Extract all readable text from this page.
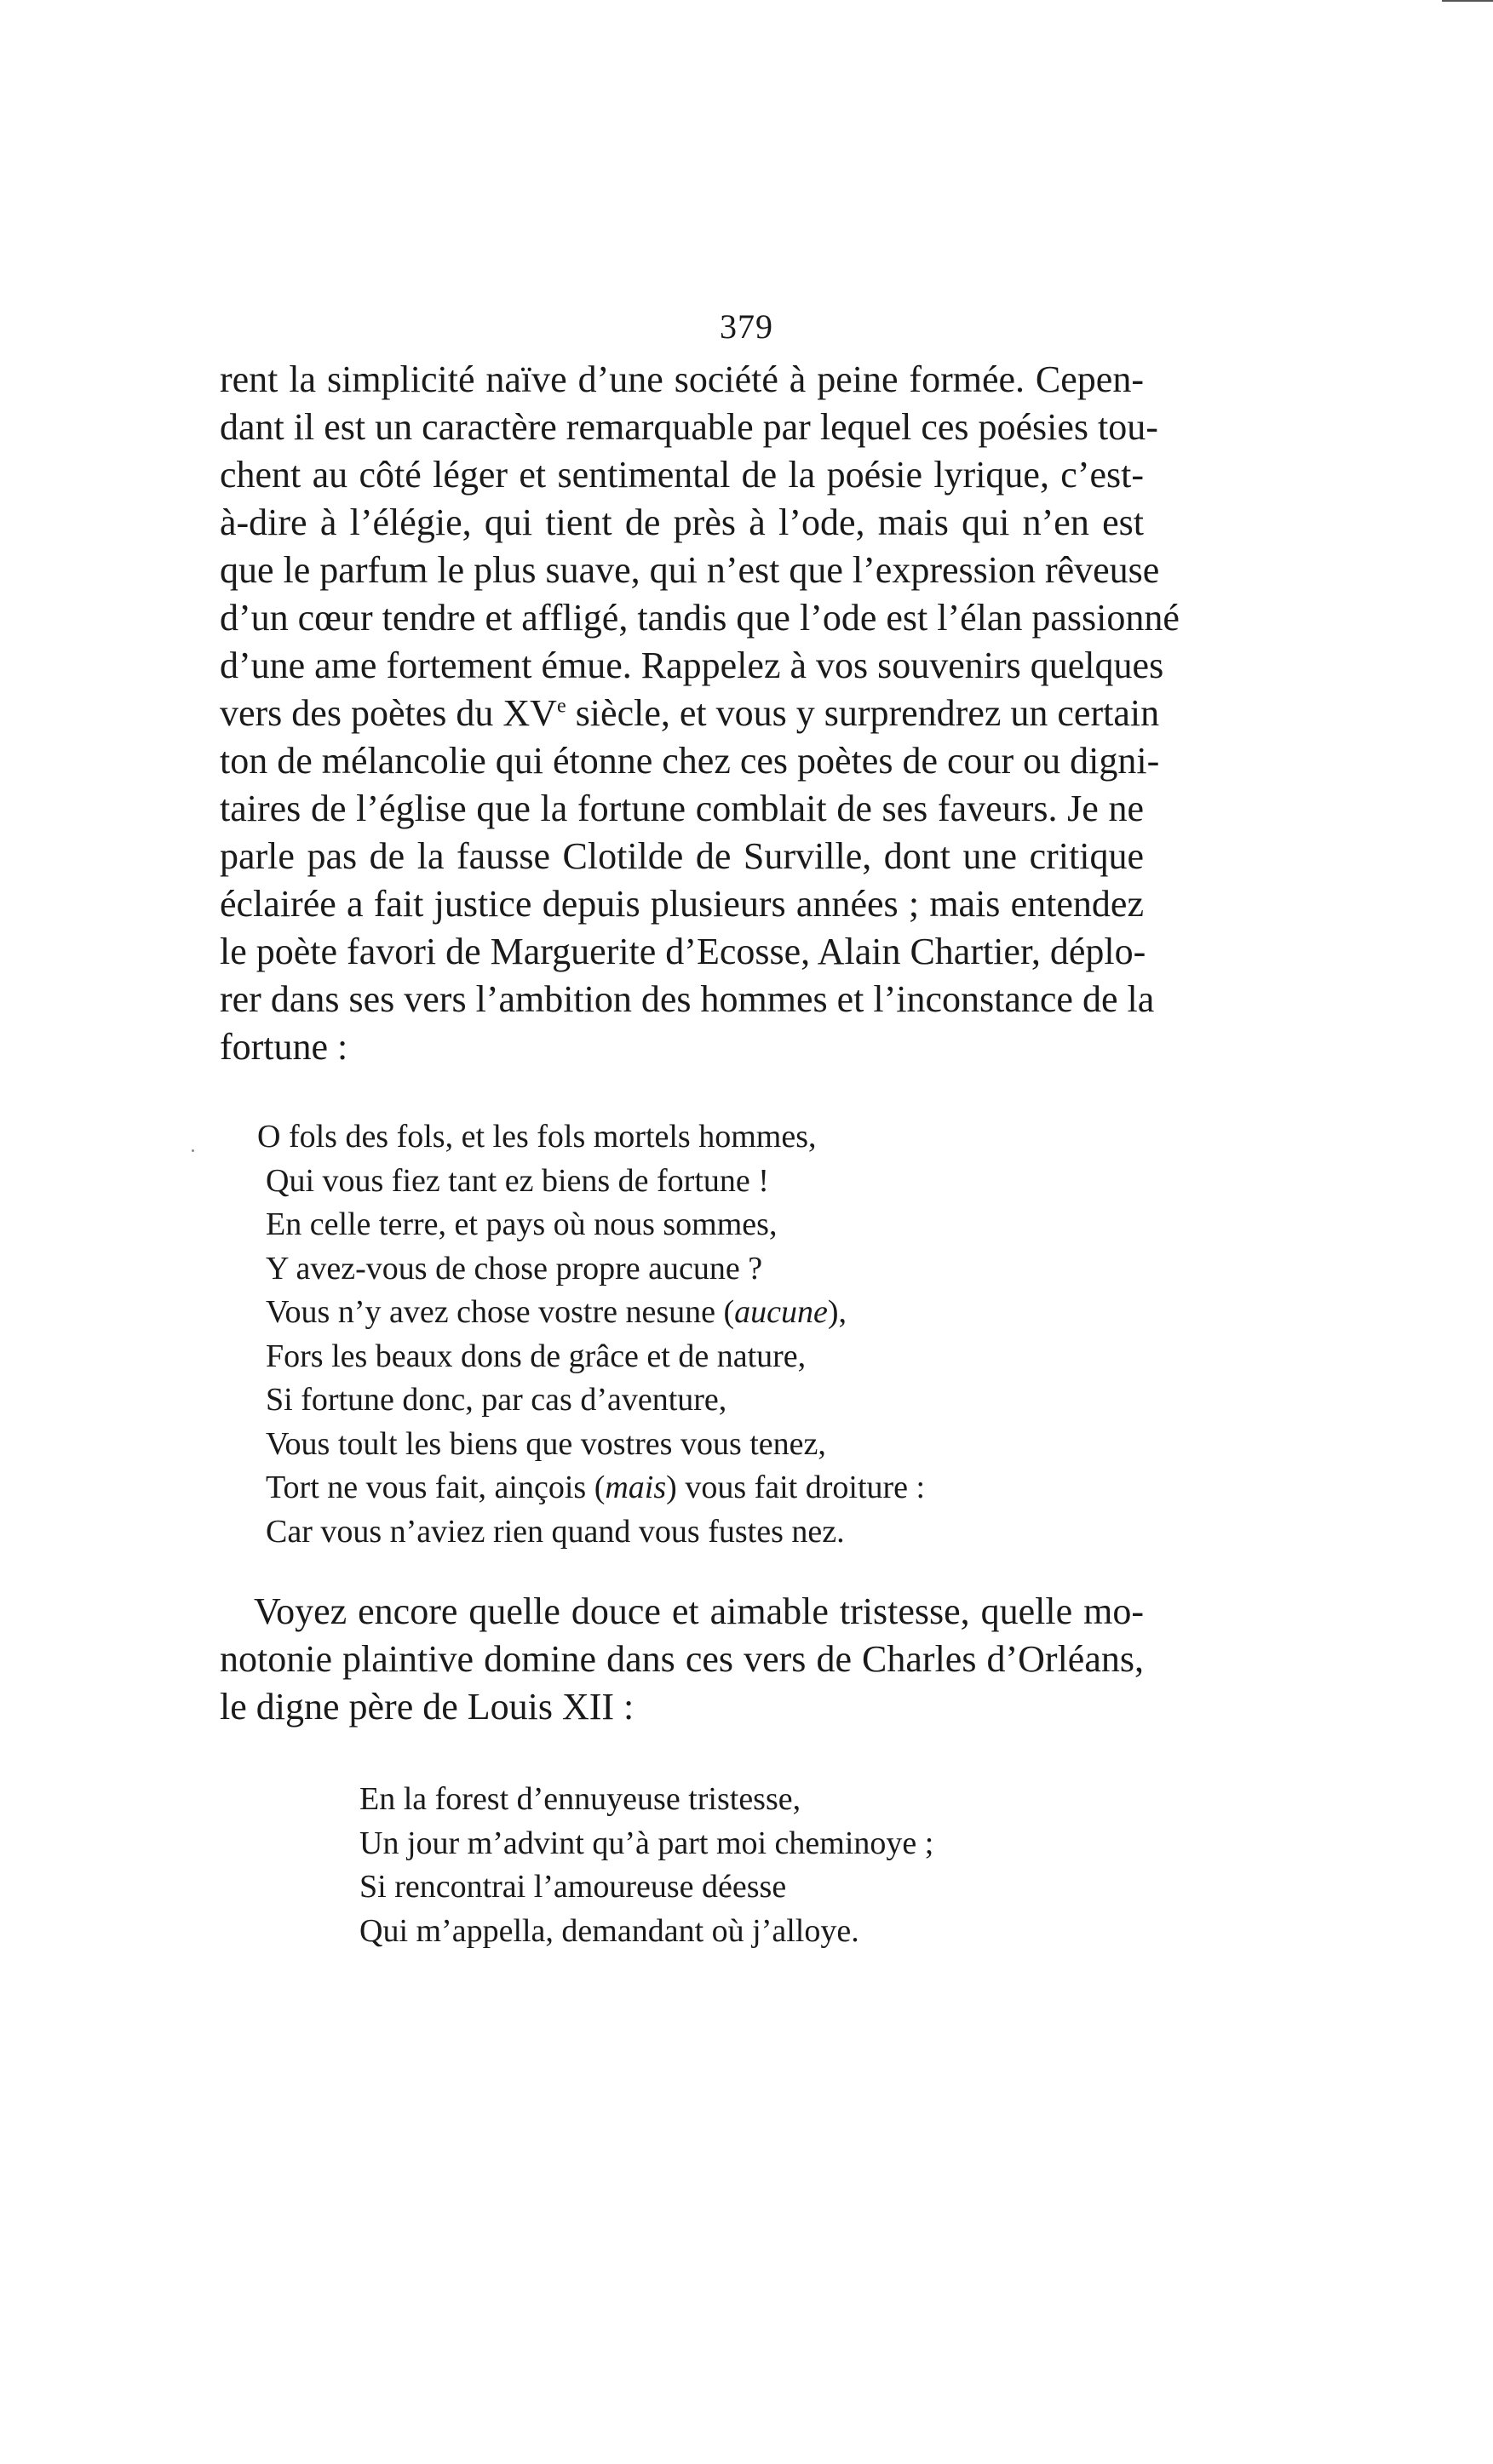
379

rent la simplicité naïve d’une société à peine formée. Cepen-
dant il est un caractère remarquable par lequel ces poésies tou-
chent au côté léger et sentimental de la poésie lyrique, c’est-
à-dire à l’élégie, qui tient de près à l’ode, mais qui n’en est
que le parfum le plus suave, qui n’est que l’expression rêveuse
d’un cœur tendre et affligé, tandis que l’ode est l’élan passionné
d’une ame fortement émue. Rappelez à vos souvenirs quelques
vers des poètes du XVe siècle, et vous y surprendrez un certain
ton de mélancolie qui étonne chez ces poètes de cour ou digni-
taires de l’église que la fortune comblait de ses faveurs. Je ne
parle pas de la fausse Clotilde de Surville, dont une critique
éclairée a fait justice depuis plusieurs années ; mais entendez
le poète favori de Marguerite d’Ecosse, Alain Chartier, déplo-
rer dans ses vers l’ambition des hommes et l’inconstance de la
fortune :

O fols des fols, et les fols mortels hommes,
Qui vous fiez tant ez biens de fortune !
En celle terre, et pays où nous sommes,
Y avez-vous de chose propre aucune ?
Vous n’y avez chose vostre nesune (aucune),
Fors les beaux dons de grâce et de nature,
Si fortune donc, par cas d’aventure,
Vous toult les biens que vostres vous tenez,
Tort ne vous fait, ainçois (mais) vous fait droiture :
Car vous n’aviez rien quand vous fustes nez.

Voyez encore quelle douce et aimable tristesse, quelle mo-
notonie plaintive domine dans ces vers de Charles d’Orléans,
le digne père de Louis XII :

En la forest d’ennuyeuse tristesse,
Un jour m’advint qu’à part moi cheminoye ;
Si rencontrai l’amoureuse déesse
Qui m’appella, demandant où j’alloye.
